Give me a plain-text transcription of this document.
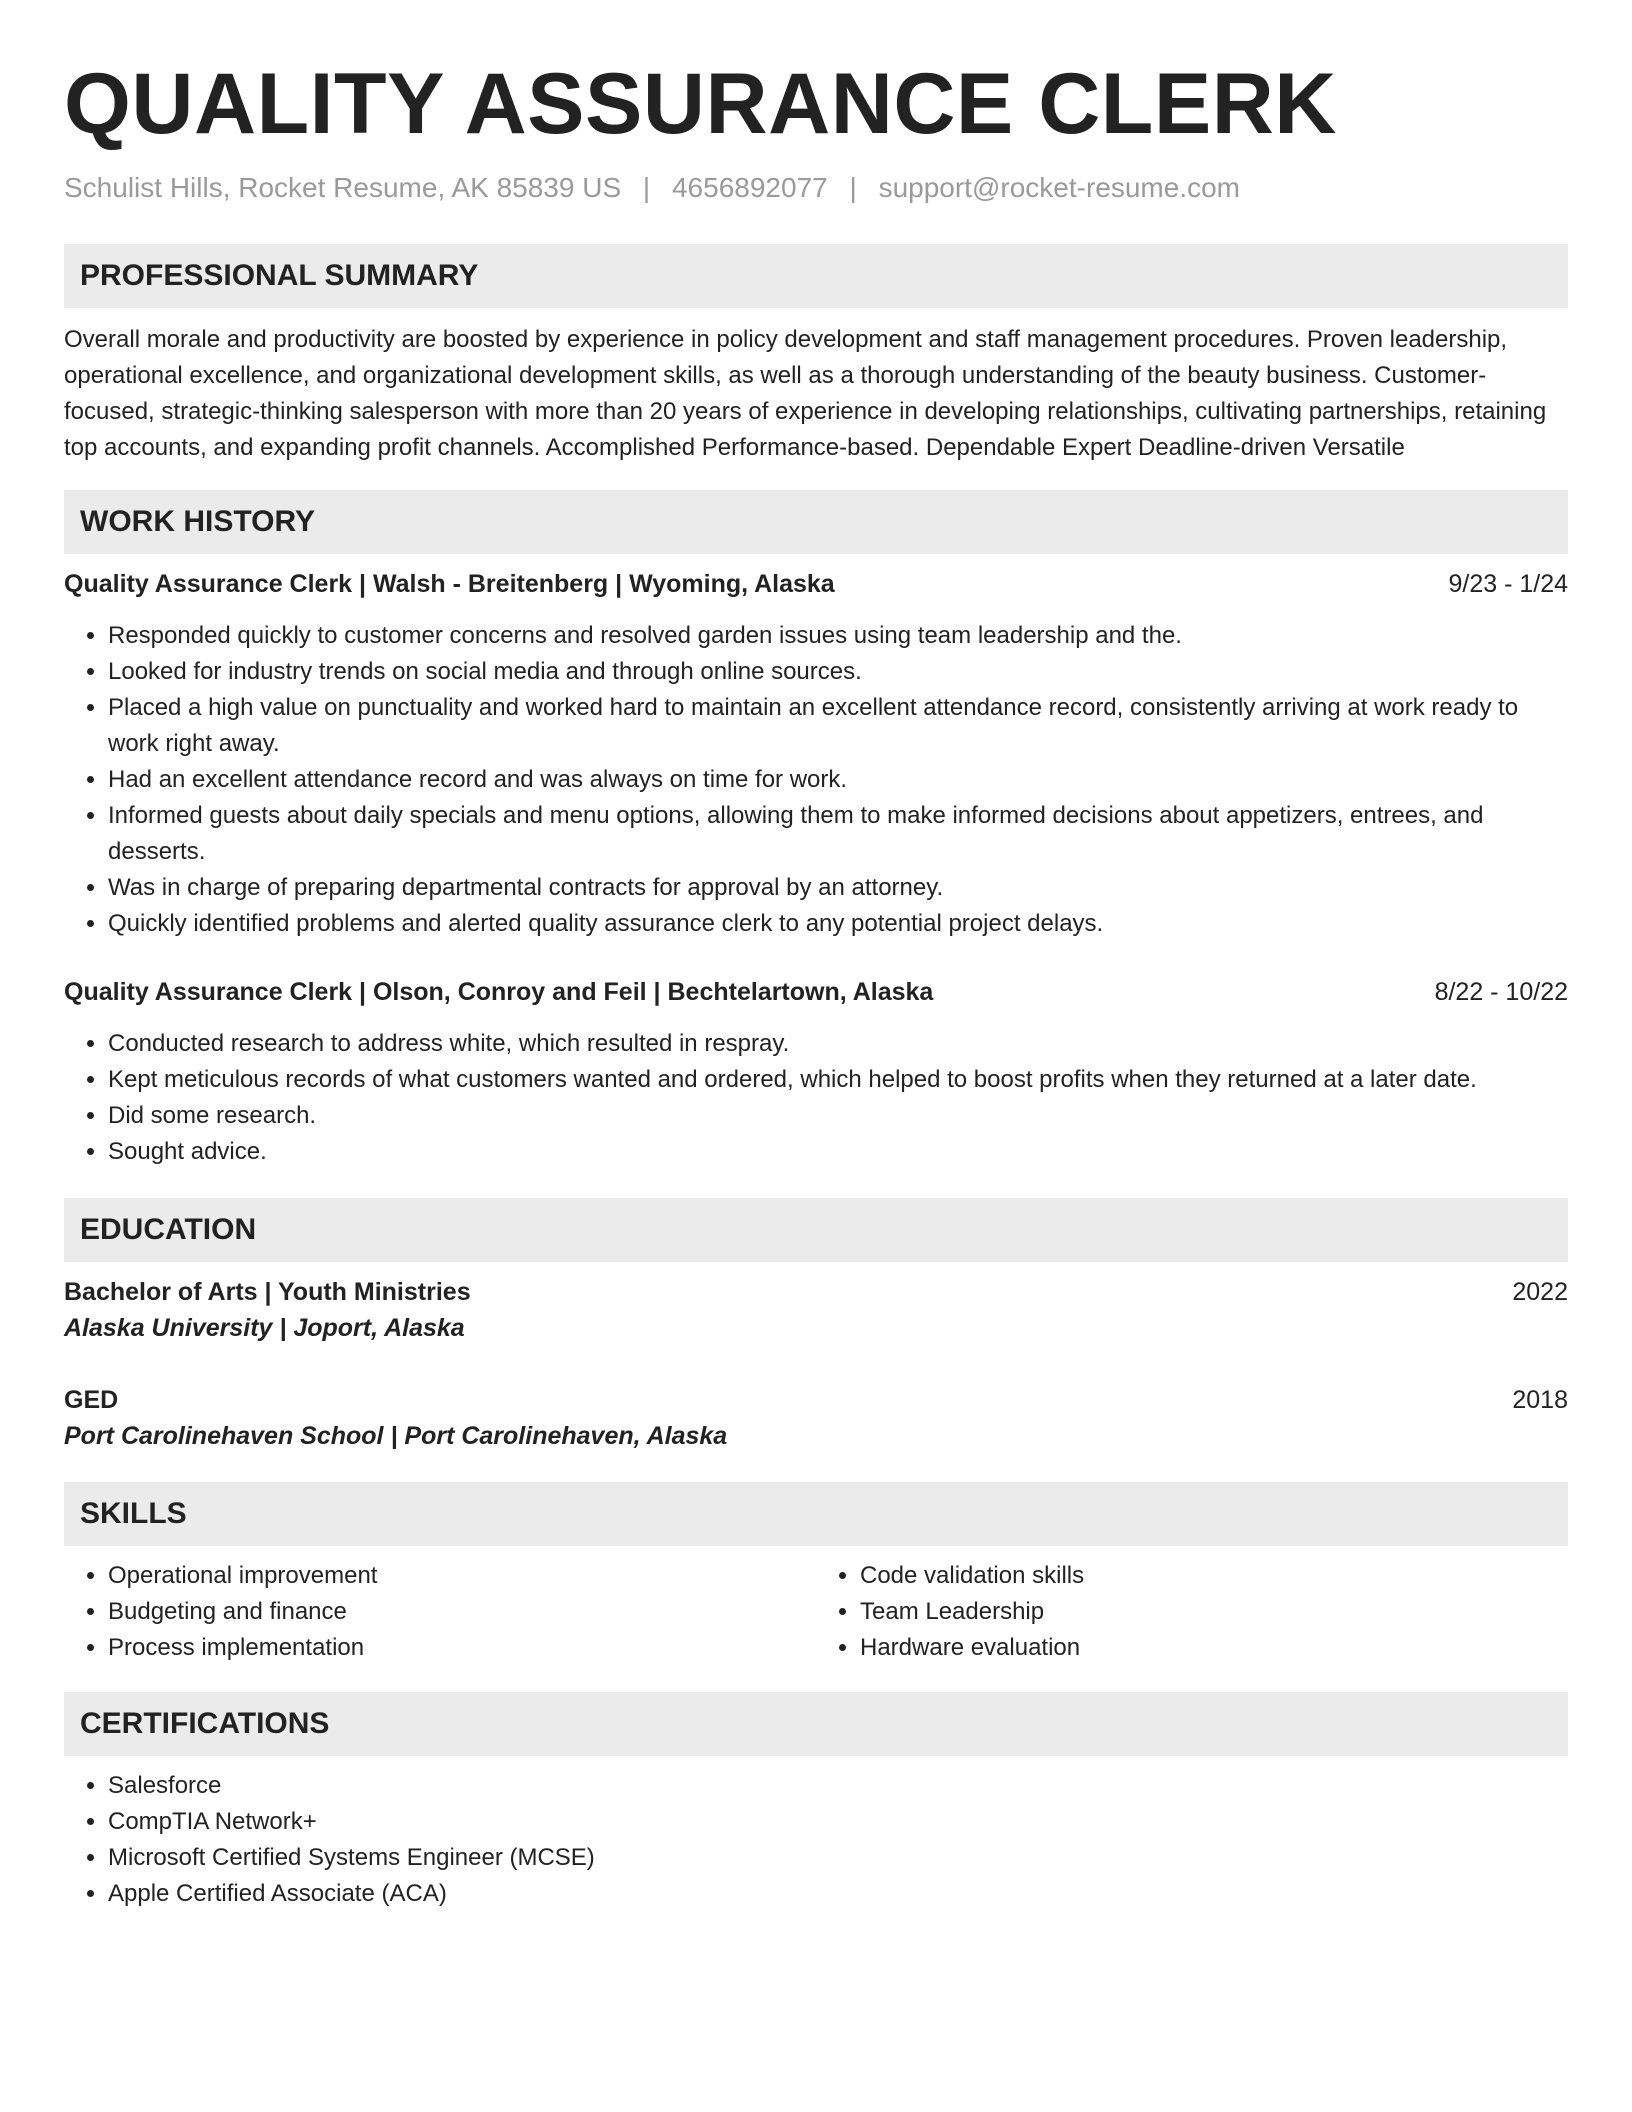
QUALITY ASSURANCE CLERK
Schulist Hills, Rocket Resume, AK 85839 US | 4656892077 | support@rocket-resume.com
PROFESSIONAL SUMMARY

Overall morale and productivity are boosted by experience in policy development and staff management procedures. Proven leadership, operational excellence, and organizational development skills, as well as a thorough understanding of the beauty business. Customer-focused, strategic-thinking salesperson with more than 20 years of experience in developing relationships, cultivating partnerships, retaining top accounts, and expanding profit channels. Accomplished Performance-based. Dependable Expert Deadline-driven Versatile

WORK HISTORY
Quality Assurance Clerk | Walsh - Breitenberg | Wyoming, Alaska	9/23 - 1/24
• Responded quickly to customer concerns and resolved garden issues using team leadership and the.
• Looked for industry trends on social media and through online sources.
• Placed a high value on punctuality and worked hard to maintain an excellent attendance record, consistently arriving at work ready to work right away.
• Had an excellent attendance record and was always on time for work.
• Informed guests about daily specials and menu options, allowing them to make informed decisions about appetizers, entrees, and desserts.
• Was in charge of preparing departmental contracts for approval by an attorney.
• Quickly identified problems and alerted quality assurance clerk to any potential project delays.
Quality Assurance Clerk | Olson, Conroy and Feil | Bechtelartown, Alaska	8/22 - 10/22
• Conducted research to address white, which resulted in respray.
• Kept meticulous records of what customers wanted and ordered, which helped to boost profits when they returned at a later date.
• Did some research.
• Sought advice.
EDUCATION
Bachelor of Arts | Youth Ministries	2022
Alaska University | Joport, Alaska
GED	2018
Port Carolinehaven School | Port Carolinehaven, Alaska
SKILLS
• Operational improvement
• Budgeting and finance
• Process implementation
• Code validation skills
• Team Leadership
• Hardware evaluation
CERTIFICATIONS
• Salesforce
• CompTIA Network+
• Microsoft Certified Systems Engineer (MCSE)
• Apple Certified Associate (ACA)
